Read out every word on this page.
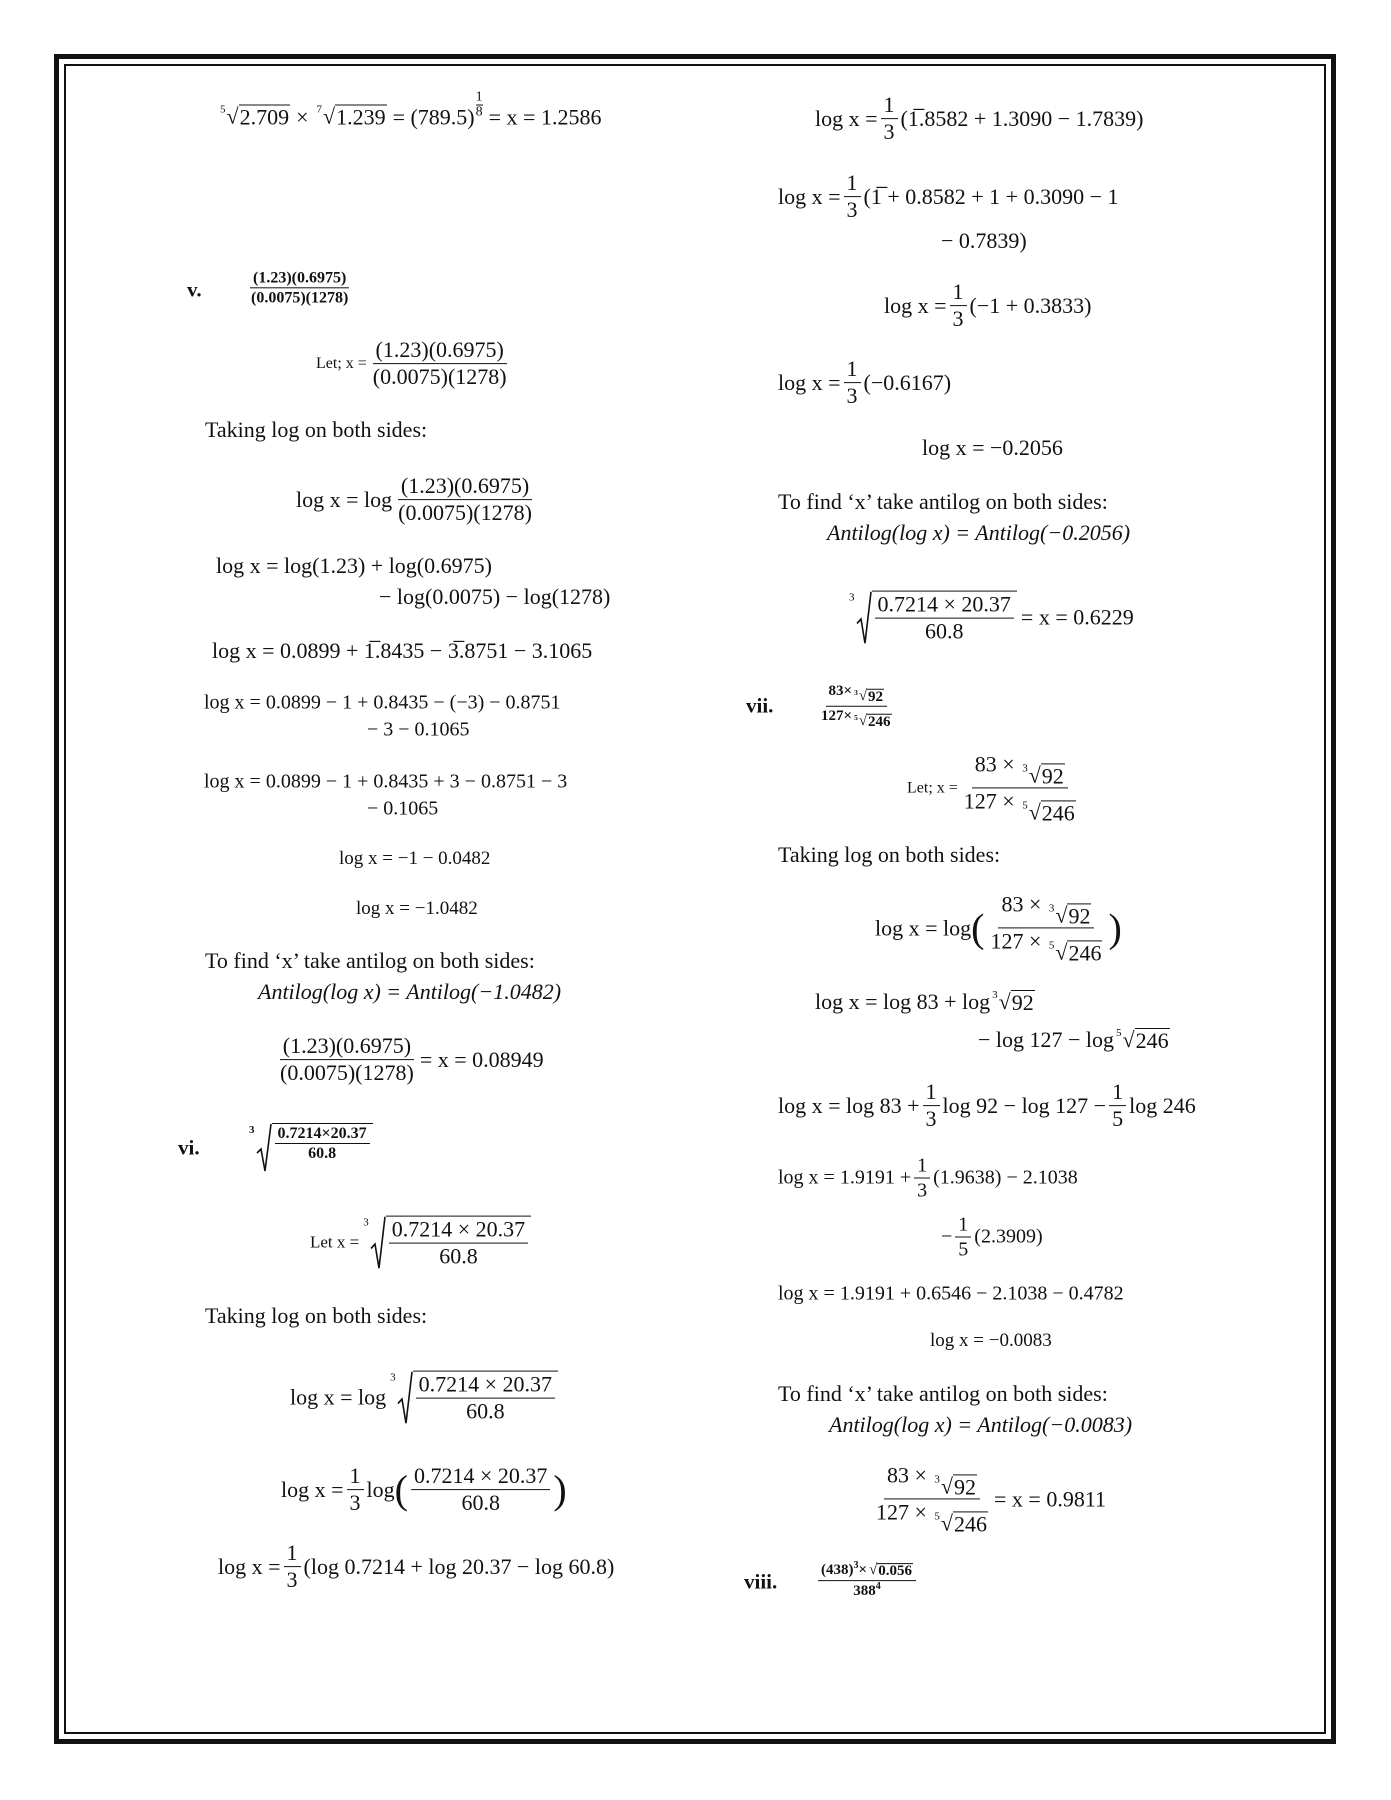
5 √ 2.709 × 7 √ $1.239 = (789.5) \frac{1}{8} = x = 1.2586$
v.	$\frac{(1.23)(0.6975)}{(0.0075)(1278)}$
Let; $x = \frac{(1.23)(0.6975)}{(0.0075)(1278)}$
Taking log on both sides:
$\log x = \log \frac{(1.23)(0.6975)}{(0.0075)(1278)}$
log x = log(1.23) + log(0.6975)
− log(0.0075) − log(1278)
log x = 0.0899 + 1̅.8435 − 3̅.8751 − 3.1065
log x = 0.0899 − 1 + 0.8435 − (−3) − 0.8751
− 3 − 0.1065
log x = 0.0899 − 1 + 0.8435 + 3 − 0.8751 − 3
− 0.1065
log x = −1 − 0.0482
log x = −1.0482
To find ‘x’ take antilog on both sides:
Antilog(log x) = Antilog(−1.0482)
$\frac{(1.23)(0.6975)}{(0.0075)(1278)} = x = 0.08949$
vi.
$3 \frac{0.7214\times 20.37}{60.8}$
Let x =
$3 \frac{0.7214 \times 20.37}{60.8}$
Taking log on both sides:
log x = log
$3 \frac{0.7214 \times 20.37}{60.8}$
$\log x = \frac{1}{3}$ log ( $\frac{0.7214 \times 20.37}{60.8}$ )
$\log x = \frac{1}{3} (\log$ 0.7214 + log 20.37 − log 60.8)
$\log x = \frac{1}{3}$ (1̅.8582 + 1.3090 − 1.7839)
$\log x = \frac{1}{3}$ (1̅ + 0.8582 + 1 + 0.3090 − 1
− 0.7839)
$\log x = \frac{1}{3} (-1 + 0.3833)$
$\log x = \frac{1}{3} (-0.6167)$
log x = −0.2056
To find ‘x’ take antilog on both sides:
Antilog(log x) = Antilog(−0.2056)
$3 \frac{0.7214 \times 20.37}{60.8} = x = 0.6229$
vii.	$\frac{83\times 3 √ 92}{127\times 5 √ 246}$
Let; $x = \frac{83 \times 3 √ 92}{127 \times 5 √ 246}$
Taking log on both sides:
log x = log ( $\frac{83 \times 3 √ 92}{127 \times 5 √ 246}$ )
log x = log 83 + log 3 √ 92
− log 127 − log 5 √ 246
$\log x = \log 83 + \frac{1}{3}$ $\log 92 - \log 127 - \frac{1}{5}$ log 246
$\log x = 1.9191 + \frac{1}{3} (1.9638) - 2.1038$
− $\frac{1}{5} (2.3909)$
log x = 1.9191 + 0.6546 − 2.1038 − 0.4782
log x = −0.0083
To find ‘x’ take antilog on both sides:
Antilog(log x) = Antilog(−0.0083)
$\frac{83 \times 3 √ 92}{127 \times 5 √ 246} = x = 0.9811$
viii.	$\frac{(438)^3\times √ 0.056}{388^4}$
